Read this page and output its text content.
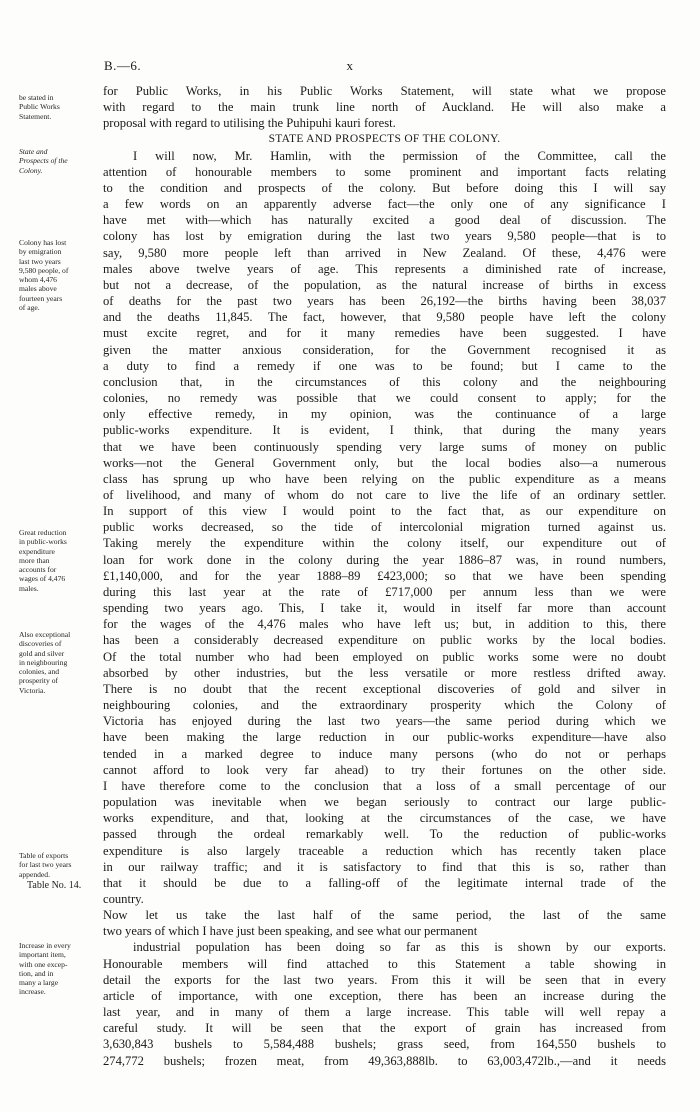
B.—6.	x
be stated in
Public Works
Statement.
State and
Prospects of the
Colony.
Colony has lost
by emigration
last two years
9,580 people, of
whom 4,476
males above
fourteen years
of age.
Great reduction
in public-works
expenditure
more than
accounts for
wages of 4,476
males.
Also exceptional
discoveries of
gold and silver
in neighbouring
colonies, and
prosperity of
Victoria.
Table of exports
for last two years
appended.
Increase in every
important item,
with one excep-
tion, and in
many a large
increase.
Table No. 14.
for Public Works, in his Public Works Statement, will state what we propose
with regard to the main trunk line north of Auckland. He will also make a
proposal with regard to utilising the Puhipuhi kauri forest.
STATE AND PROSPECTS OF THE COLONY.
I will now, Mr. Hamlin, with the permission of the Committee, call the
attention of honourable members to some prominent and important facts relating
to the condition and prospects of the colony. But before doing this I will say
a few words on an apparently adverse fact—the only one of any significance I
have met with—which has naturally excited a good deal of discussion. The
colony has lost by emigration during the last two years 9,580 people—that is to
say, 9,580 more people left than arrived in New Zealand. Of these, 4,476 were
males above twelve years of age. This represents a diminished rate of increase,
but not a decrease, of the population, as the natural increase of births in excess
of deaths for the past two years has been 26,192—the births having been 38,037
and the deaths 11,845. The fact, however, that 9,580 people have left the colony
must excite regret, and for it many remedies have been suggested. I have
given the matter anxious consideration, for the Government recognised it as
a duty to find a remedy if one was to be found; but I came to the
conclusion that, in the circumstances of this colony and the neighbouring
colonies, no remedy was possible that we could consent to apply; for the
only effective remedy, in my opinion, was the continuance of a large
public-works expenditure. It is evident, I think, that during the many years
that we have been continuously spending very large sums of money on public
works—not the General Government only, but the local bodies also—a numerous
class has sprung up who have been relying on the public expenditure as a means
of livelihood, and many of whom do not care to live the life of an ordinary settler.
In support of this view I would point to the fact that, as our expenditure on
public works decreased, so the tide of intercolonial migration turned against us.
Taking merely the expenditure within the colony itself, our expenditure out of
loan for work done in the colony during the year 1886–87 was, in round numbers,
£1,140,000, and for the year 1888–89 £423,000; so that we have been spending
during this last year at the rate of £717,000 per annum less than we were
spending two years ago. This, I take it, would in itself far more than account
for the wages of the 4,476 males who have left us; but, in addition to this, there
has been a considerably decreased expenditure on public works by the local bodies.
Of the total number who had been employed on public works some were no doubt
absorbed by other industries, but the less versatile or more restless drifted away.
There is no doubt that the recent exceptional discoveries of gold and silver in
neighbouring colonies, and the extraordinary prosperity which the Colony of
Victoria has enjoyed during the last two years—the same period during which we
have been making the large reduction in our public-works expenditure—have also
tended in a marked degree to induce many persons (who do not or perhaps
cannot afford to look very far ahead) to try their fortunes on the other side.
I have therefore come to the conclusion that a loss of a small percentage of our
population was inevitable when we began seriously to contract our large public-
works expenditure, and that, looking at the circumstances of the case, we have
passed through the ordeal remarkably well. To the reduction of public-works
expenditure is also largely traceable a reduction which has recently taken place
in our railway traffic; and it is satisfactory to find that this is so, rather than
that it should be due to a falling-off of the legitimate internal trade of the
country.
Now let us take the last half of the same period, the last of the same
two years of which I have just been speaking, and see what our permanent
industrial population has been doing so far as this is shown by our exports.
Honourable members will find attached to this Statement a table showing in
detail the exports for the last two years. From this it will be seen that in every
article of importance, with one exception, there has been an increase during the
last year, and in many of them a large increase. This table will well repay a
careful study. It will be seen that the export of grain has increased from
3,630,843 bushels to 5,584,488 bushels; grass seed, from 164,550 bushels to
274,772 bushels; frozen meat, from 49,363,888lb. to 63,003,472lb.,—and it needs
